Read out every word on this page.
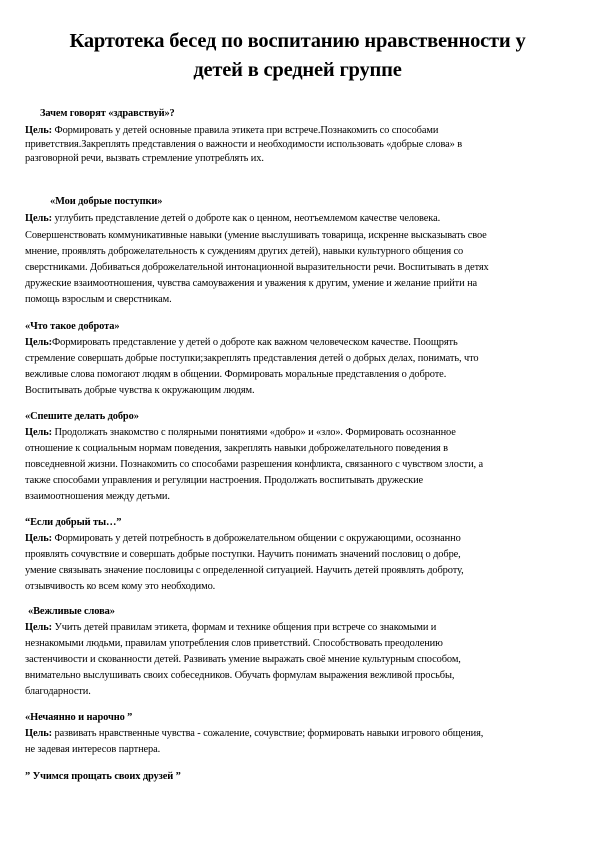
Картотека бесед по воспитанию нравственности у
детей в средней группе
Зачем говорят «здравствуй»?
Цель: Формировать у детей основные правила этикета при встрече.Познакомить со способами
приветствия.Закреплять представления о важности и необходимости использовать «добрые слова» в
разговорной речи, вызвать стремление употреблять их.
«Мои добрые поступки»
Цель: углубить представление детей о доброте как о ценном, неотъемлемом качестве человека.
Совершенствовать коммуникативные навыки (умение выслушивать товарища, искренне высказывать свое
мнение, проявлять доброжелательность к суждениям других детей), навыки культурного общения со
сверстниками. Добиваться доброжелательной интонационной выразительности речи. Воспитывать в детях
дружеские взаимоотношения, чувства самоуважения и уважения к другим, умение и желание прийти на
помощь взрослым и сверстникам.
«Что такое доброта»
Цель:Формировать представление у детей о доброте как важном человеческом качестве. Поощрять
стремление совершать добрые поступки;закреплять представления детей о добрых делах, понимать, что
вежливые слова помогают людям в общении. Формировать моральные представления о доброте.
Воспитывать добрые чувства к окружающим людям.
«Спешите делать добро»
Цель: Продолжать знакомство с полярными понятиями «добро» и «зло». Формировать осознанное
отношение к социальным нормам поведения, закреплять навыки доброжелательного поведения в
повседневной жизни. Познакомить со способами разрешения конфликта, связанного с чувством злости, а
также способами управления и регуляции настроения. Продолжать воспитывать дружеские
взаимоотношения между детьми.
“Если добрый ты…”
Цель: Формировать у детей потребность в доброжелательном общении с окружающими, осознанно
проявлять сочувствие и совершать добрые поступки. Научить понимать значений пословиц о добре,
умение связывать значение пословицы с определенной ситуацией. Научить детей проявлять доброту,
отзывчивость ко всем кому это необходимо.
«Вежливые слова»
Цель: Учить детей правилам этикета, формам и технике общения при встрече со знакомыми и
незнакомыми людьми, правилам употребления слов приветствий. Способствовать преодолению
застенчивости и скованности детей. Развивать умение выражать своё мнение культурным способом,
внимательно выслушивать своих собеседников. Обучать формулам выражения вежливой просьбы,
благодарности.
«Нечаянно и нарочно ”
Цель: развивать нравственные чувства - сожаление, сочувствие; формировать навыки игрового общения,
не задевая интересов партнера.
” Учимся прощать своих друзей ”
